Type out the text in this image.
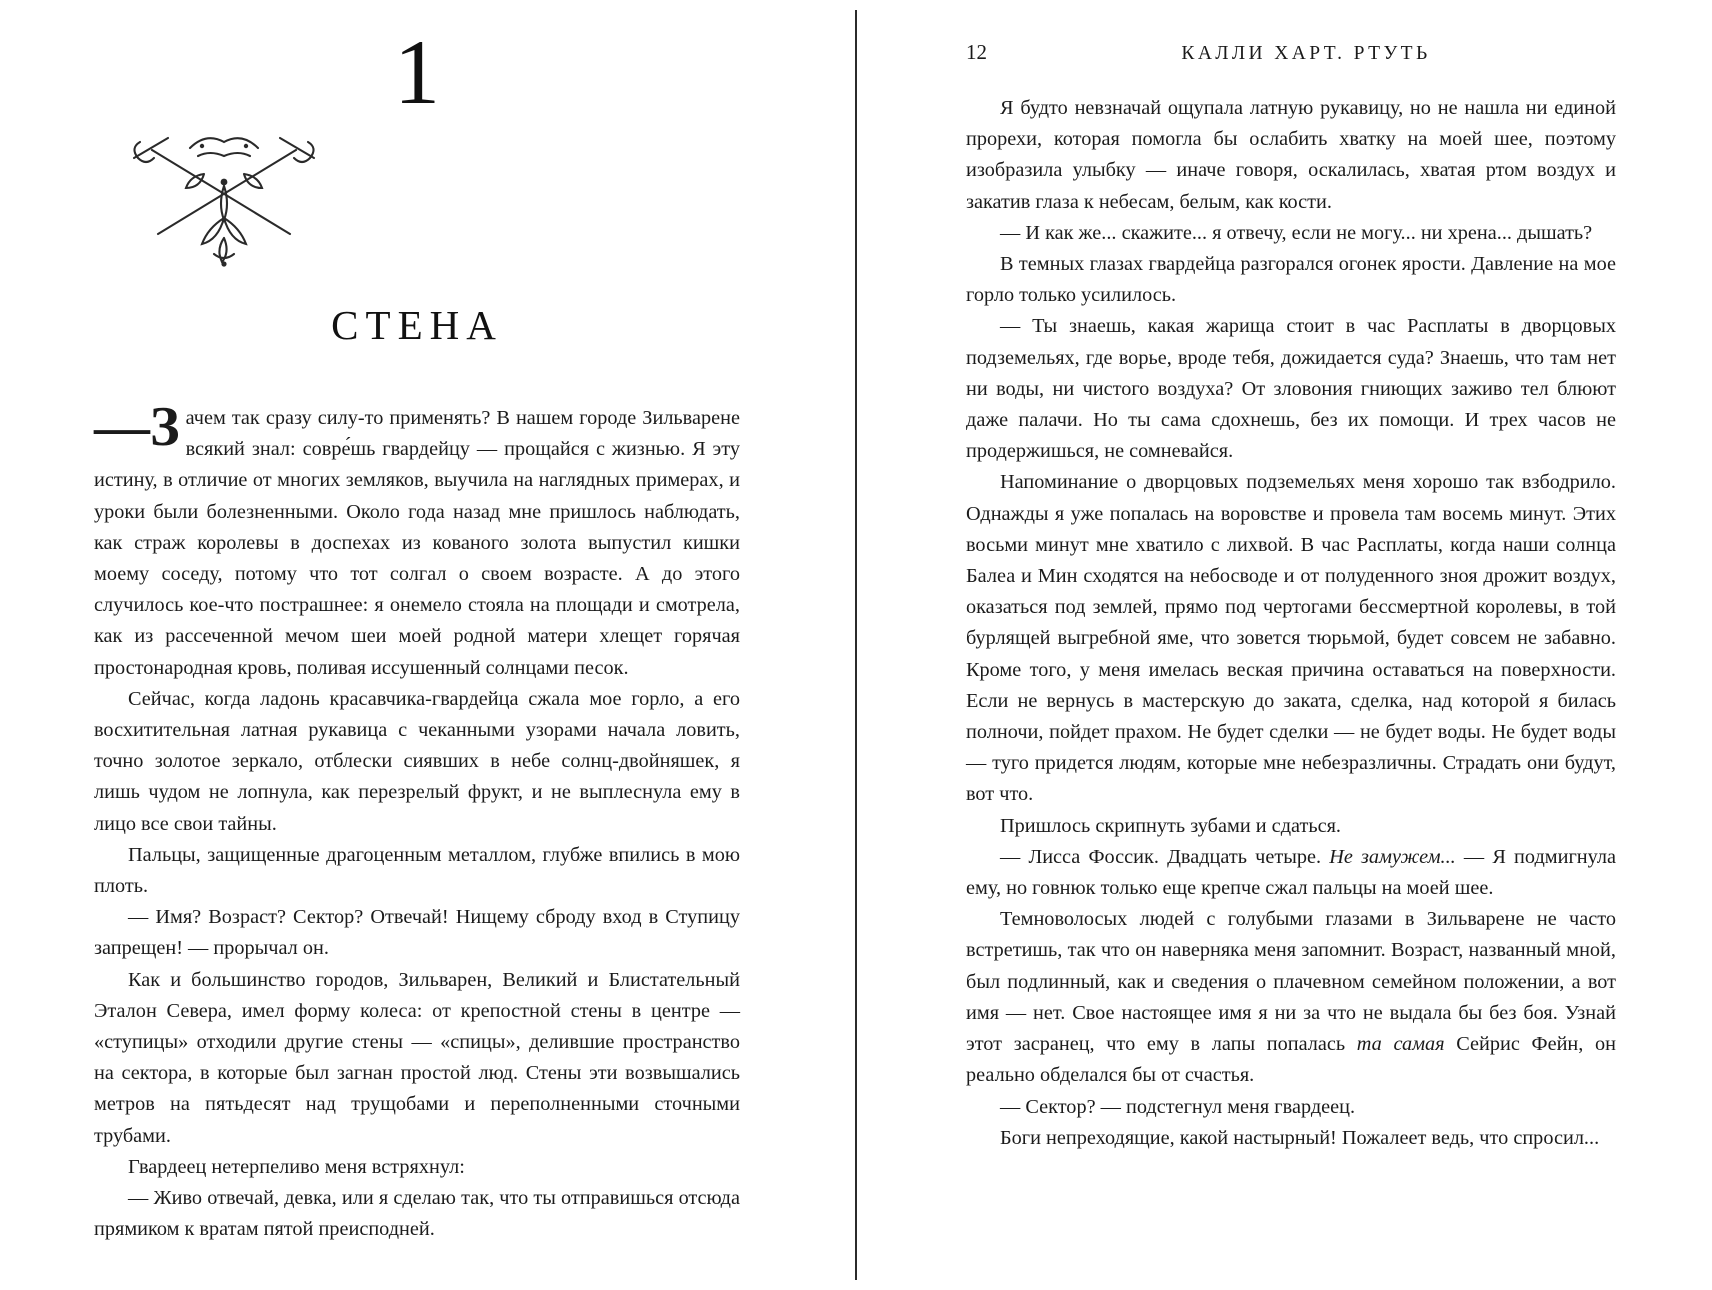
1
СТЕНА

—З ачем так сразу силу-то применять? В нашем городе Зильварене всякий знал: совре́шь гвардейцу — прощайся с жизнью. Я эту истину, в отличие от многих земляков, выучила на наглядных примерах, и уроки были болезненными. Около года назад мне пришлось наблюдать, как страж королевы в доспехах из кованого золота выпустил кишки моему соседу, потому что тот солгал о своем возрасте. А до этого случилось кое-что пострашнее: я онемело стояла на площади и смотрела, как из рассеченной мечом шеи моей родной матери хлещет горячая простонародная кровь, поливая иссушенный солнцами песок.

Сейчас, когда ладонь красавчика-гвардейца сжала мое горло, а его восхитительная латная рукавица с чеканными узорами начала ловить, точно золотое зеркало, отблески сиявших в небе солнц-двойняшек, я лишь чудом не лопнула, как перезрелый фрукт, и не выплеснула ему в лицо все свои тайны.

Пальцы, защищенные драгоценным металлом, глубже впились в мою плоть.

— Имя? Возраст? Сектор? Отвечай! Нищему сброду вход в Ступицу запрещен! — прорычал он.

Как и большинство городов, Зильварен, Великий и Блистательный Эталон Севера, имел форму колеса: от крепостной стены в центре — «ступицы» отходили другие стены — «спицы», делившие пространство на сектора, в которые был загнан простой люд. Стены эти возвышались метров на пятьдесят над трущобами и переполненными сточными трубами.

Гвардеец нетерпеливо меня встряхнул:

— Живо отвечай, девка, или я сделаю так, что ты отправишься отсюда прямиком к вратам пятой преисподней.

12	КАЛЛИ ХАРТ. РТУТЬ

Я будто невзначай ощупала латную рукавицу, но не нашла ни единой прорехи, которая помогла бы ослабить хватку на моей шее, поэтому изобразила улыбку — иначе говоря, оскалилась, хватая ртом воздух и закатив глаза к небесам, белым, как кости.

— И как же... скажите... я отвечу, если не могу... ни хрена... дышать?

В темных глазах гвардейца разгорался огонек ярости. Давление на мое горло только усилилось.

— Ты знаешь, какая жарища стоит в час Расплаты в дворцовых подземельях, где ворье, вроде тебя, дожидается суда? Знаешь, что там нет ни воды, ни чистого воздуха? От зловония гниющих заживо тел блюют даже палачи. Но ты сама сдохнешь, без их помощи. И трех часов не продержишься, не сомневайся.

Напоминание о дворцовых подземельях меня хорошо так взбодрило. Однажды я уже попалась на воровстве и провела там восемь минут. Этих восьми минут мне хватило с лихвой. В час Расплаты, когда наши солнца Балеа и Мин сходятся на небосводе и от полуденного зноя дрожит воздух, оказаться под землей, прямо под чертогами бессмертной королевы, в той бурлящей выгребной яме, что зовется тюрьмой, будет совсем не забавно. Кроме того, у меня имелась веская причина оставаться на поверхности. Если не вернусь в мастерскую до заката, сделка, над которой я билась полночи, пойдет прахом. Не будет сделки — не будет воды. Не будет воды — туго придется людям, которые мне небезразличны. Страдать они будут, вот что.

Пришлось скрипнуть зубами и сдаться.

— Лисса Фоссик. Двадцать четыре. Не замужем... — Я подмигнула ему, но говнюк только еще крепче сжал пальцы на моей шее.

Темноволосых людей с голубыми глазами в Зильварене не часто встретишь, так что он наверняка меня запомнит. Возраст, названный мной, был подлинный, как и сведения о плачевном семейном положении, а вот имя — нет. Свое настоящее имя я ни за что не выдала бы без боя. Узнай этот засранец, что ему в лапы попалась та самая Сейрис Фейн, он реально обделался бы от счастья.

— Сектор? — подстегнул меня гвардеец.

Боги непреходящие, какой настырный! Пожалеет ведь, что спросил...
